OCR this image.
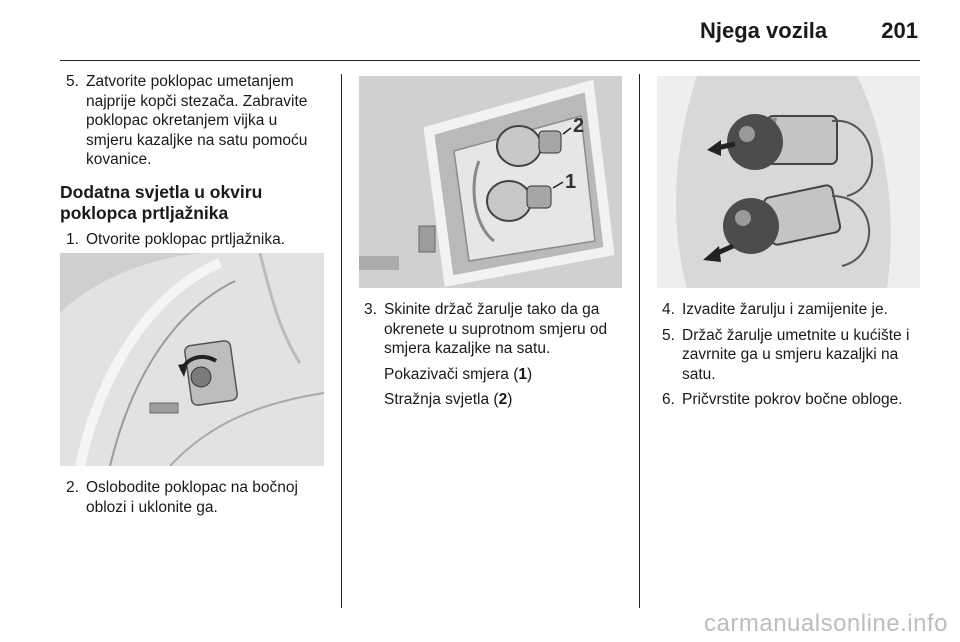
Njega vozila 201
5. Zatvorite poklopac umetanjem najprije kopči stezača. Zabravite poklopac okretanjem vijka u smjeru kazaljke na satu pomoću kovanice.
Dodatna svjetla u okviru poklopca prtljažnika
1. Otvorite poklopac prtljažnika.
2. Oslobodite poklopac na bočnoj oblozi i uklonite ga.
2
1
3. Skinite držač žarulje tako da ga okrenete u suprotnom smjeru od smjera kazaljke na satu.
Pokazivači smjera (1)
Stražnja svjetla (2)
4. Izvadite žarulju i zamijenite je.
5. Držač žarulje umetnite u kućište i zavrnite ga u smjeru kazaljki na satu.
6. Pričvrstite pokrov bočne obloge.
carmanualsonline.info
